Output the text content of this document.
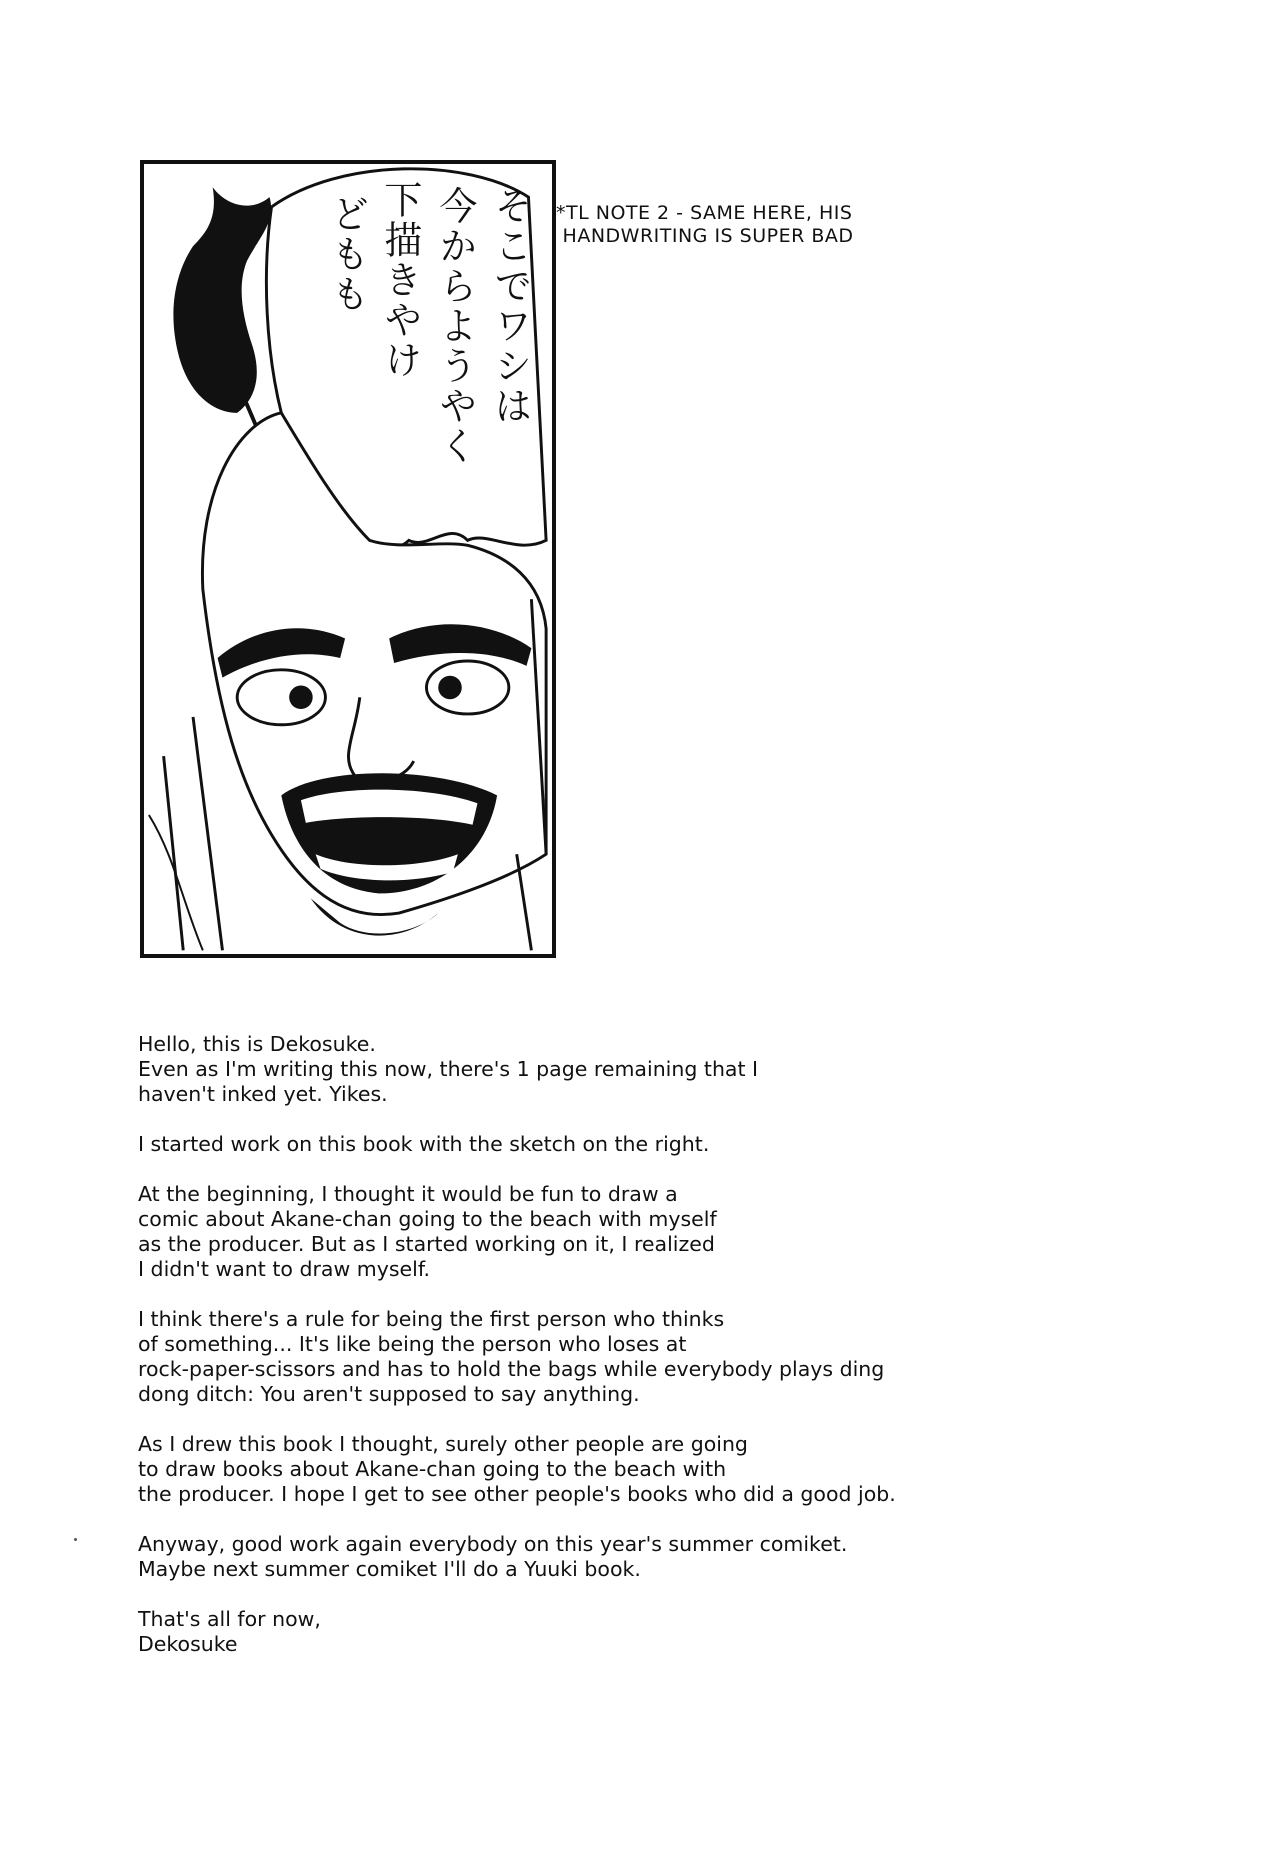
そこでワシは
今からようやく
下描きやけ
どもも	*TL NOTE 2 - SAME HERE, HIS
HANDWRITING IS SUPER BAD

Hello, this is Dekosuke.
Even as I'm writing this now, there's 1 page remaining that I
haven't inked yet. Yikes.

I started work on this book with the sketch on the right.

At the beginning, I thought it would be fun to draw a
comic about Akane-chan going to the beach with myself
as the producer. But as I started working on it, I realized
I didn't want to draw myself.

I think there's a rule for being the first person who thinks
of something... It's like being the person who loses at
rock-paper-scissors and has to hold the bags while everybody plays ding
dong ditch: You aren't supposed to say anything.

As I drew this book I thought, surely other people are going
to draw books about Akane-chan going to the beach with
the producer. I hope I get to see other people's books who did a good job.

Anyway, good work again everybody on this year's summer comiket.
Maybe next summer comiket I'll do a Yuuki book.

That's all for now,
Dekosuke
